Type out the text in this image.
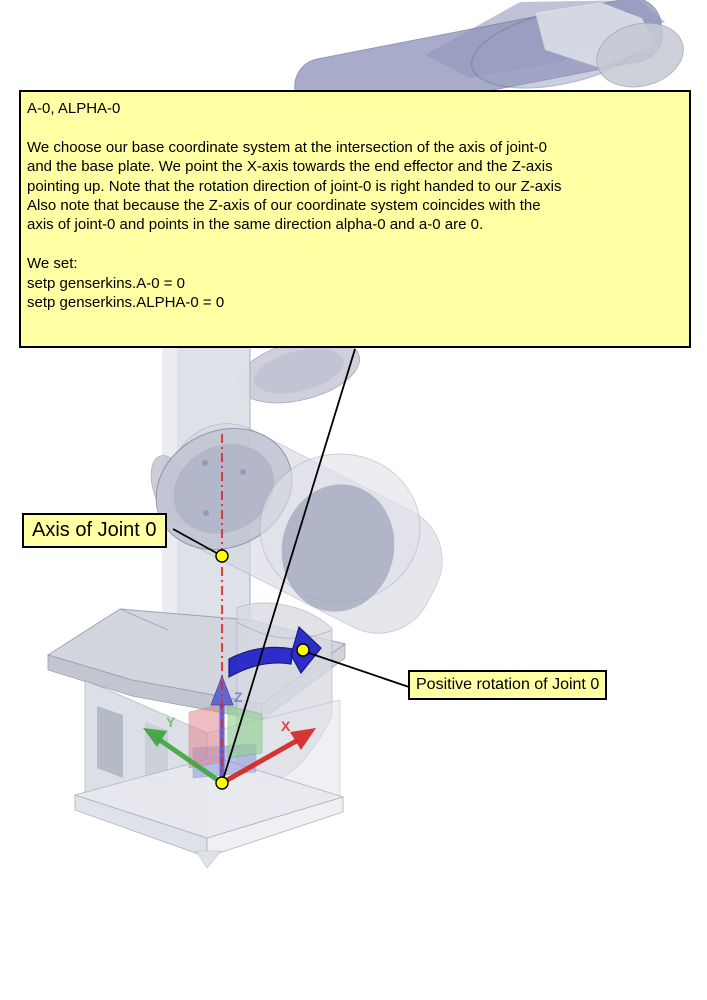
Y	X
Z
A-0, ALPHA-0
We choose our base coordinate system at the intersection of the axis of joint-0
and the base plate. We point the X-axis towards the end effector and the Z-axis
pointing up. Note that the rotation direction of joint-0 is right handed to our Z-axis
Also note that because the Z-axis of our coordinate system coincides with the
axis of joint-0 and points in the same direction alpha-0 and a-0 are 0.
We set:
setp genserkins.A-0 = 0
setp genserkins.ALPHA-0 = 0
Axis of Joint 0
Positive rotation of Joint 0
